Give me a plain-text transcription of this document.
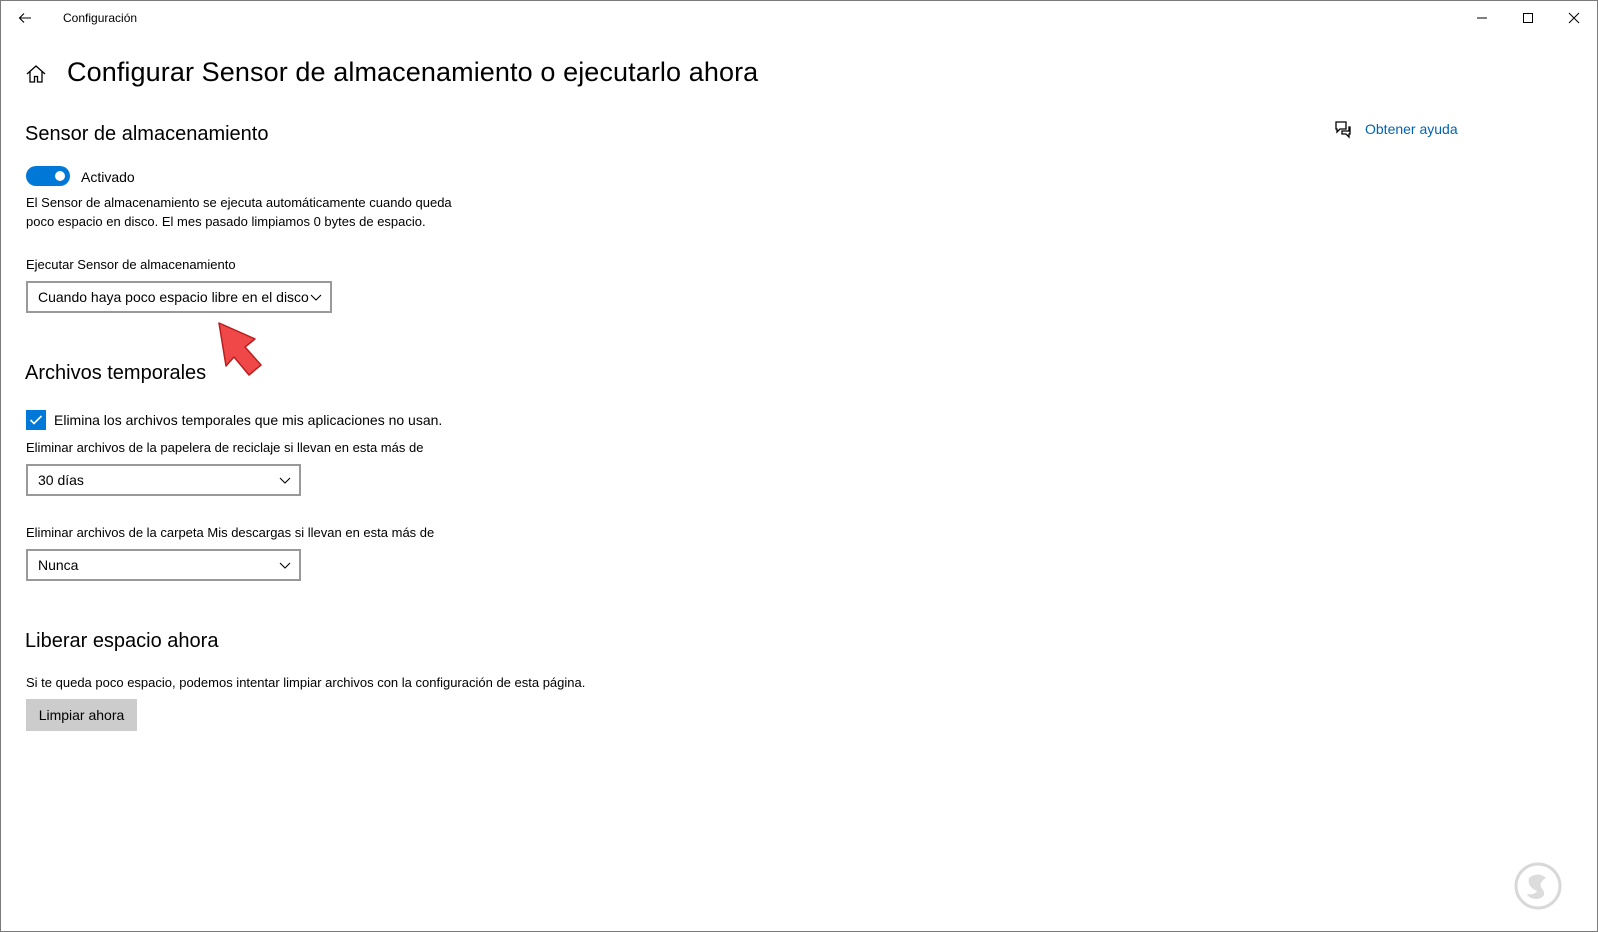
Configuración
Configurar Sensor de almacenamiento o ejecutarlo ahora
Obtener ayuda
Sensor de almacenamiento
Activado

El Sensor de almacenamiento se ejecuta automáticamente cuando queda poco espacio en disco. El mes pasado limpiamos 0 bytes de espacio.

Ejecutar Sensor de almacenamiento
Cuando haya poco espacio libre en el disco
Archivos temporales
Elimina los archivos temporales que mis aplicaciones no usan.
Eliminar archivos de la papelera de reciclaje si llevan en esta más de
30 días
Eliminar archivos de la carpeta Mis descargas si llevan en esta más de
Nunca
Liberar espacio ahora
Si te queda poco espacio, podemos intentar limpiar archivos con la configuración de esta página.
Limpiar ahora
